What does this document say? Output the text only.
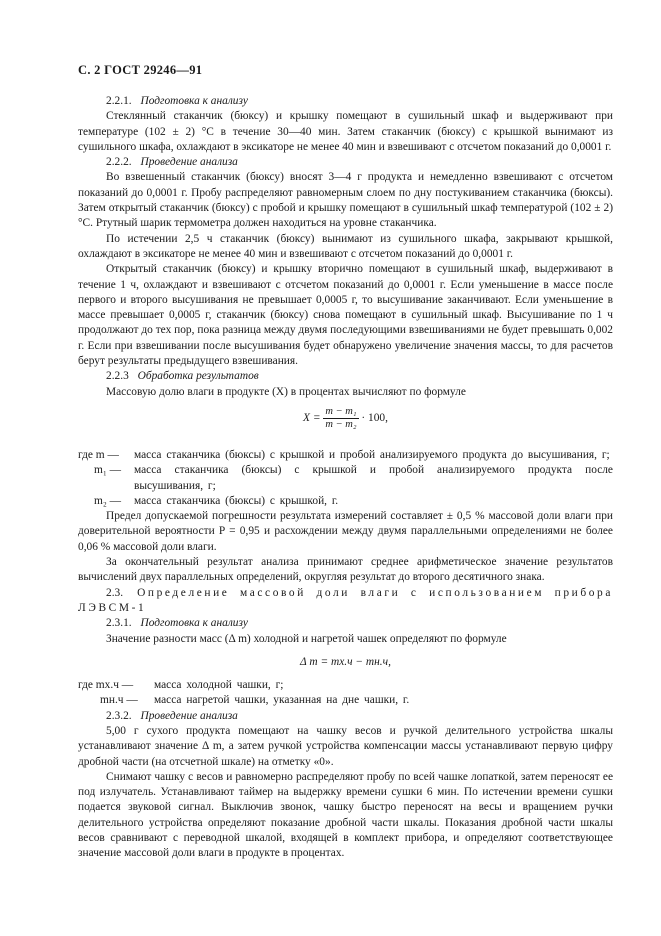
С. 2 ГОСТ 29246—91

2.2.1. Подготовка к анализу

Стеклянный стаканчик (бюксу) и крышку помещают в сушильный шкаф и выдерживают при температуре (102 ± 2) °С в течение 30—40 мин. Затем стаканчик (бюксу) с крышкой вынимают из сушильного шкафа, охлаждают в эксикаторе не менее 40 мин и взвешивают с отсчетом показаний до 0,0001 г.

2.2.2. Проведение анализа

Во взвешенный стаканчик (бюксу) вносят 3—4 г продукта и немедленно взвешивают с отсчетом показаний до 0,0001 г. Пробу распределяют равномерным слоем по дну постукиванием стаканчика (бюксы). Затем открытый стаканчик (бюксу) с пробой и крышку помещают в сушильный шкаф температурой (102 ± 2) °С. Ртутный шарик термометра должен находиться на уровне стаканчика.

По истечении 2,5 ч стаканчик (бюксу) вынимают из сушильного шкафа, закрывают крышкой, охлаждают в эксикаторе не менее 40 мин и взвешивают с отсчетом показаний до 0,0001 г.

Открытый стаканчик (бюксу) и крышку вторично помещают в сушильный шкаф, выдерживают в течение 1 ч, охлаждают и взвешивают с отсчетом показаний до 0,0001 г. Если уменьшение в массе после первого и второго высушивания не превышает 0,0005 г, то высушивание заканчивают. Если уменьшение в массе превышает 0,0005 г, стаканчик (бюксу) снова помещают в сушильный шкаф. Высушивание по 1 ч продолжают до тех пор, пока разница между двумя последующими взвешиваниями не будет превышать 0,002 г. Если при взвешивании после высушивания будет обнаружено увеличение значения массы, то для расчетов берут результаты предыдущего взвешивания.

2.2.3 Обработка результатов

Массовую долю влаги в продукте (X) в процентах вычисляют по формуле

$X = \frac{\text{m − m₁}}{\text{m − m₂}} \cdot 100$,
где m —	масса стаканчика (бюксы) с крышкой и пробой анализируемого продукта до высушивания, г;
m₁ —	масса стаканчика (бюксы) с крышкой и пробой анализируемого продукта после высушивания, г;
m₂ —	масса стаканчика (бюксы) с крышкой, г.

Предел допускаемой погрешности результата измерений составляет ± 0,5 % массовой доли влаги при доверительной вероятности P = 0,95 и расхождении между двумя параллельными определениями не более 0,06 % массовой доли влаги.

За окончательный результат анализа принимают среднее арифметическое значение результатов вычислений двух параллельных определений, округляя результат до второго десятичного знака.

2.3. Определение массовой доли влаги с использованием прибора ЛЭВСМ-1

2.3.1. Подготовка к анализу

Значение разности масс (Δ m) холодной и нагретой чашек определяют по формуле

Δ m = mх.ч − mн.ч,
где mх.ч —	масса холодной чашки, г;
mн.ч —	масса нагретой чашки, указанная на дне чашки, г.

2.3.2. Проведение анализа

5,00 г сухого продукта помещают на чашку весов и ручкой делительного устройства шкалы устанавливают значение Δ m, а затем ручкой устройства компенсации массы устанавливают первую цифру дробной части (на отсчетной шкале) на отметку «0».

Снимают чашку с весов и равномерно распределяют пробу по всей чашке лопаткой, затем переносят ее под излучатель. Устанавливают таймер на выдержку времени сушки 6 мин. По истечении времени сушки подается звуковой сигнал. Выключив звонок, чашку быстро переносят на весы и вращением ручки делительного устройства определяют показание дробной части шкалы. Показания дробной части шкалы весов сравнивают с переводной шкалой, входящей в комплект прибора, и определяют соответствующее значение массовой доли влаги в продукте в процентах.
